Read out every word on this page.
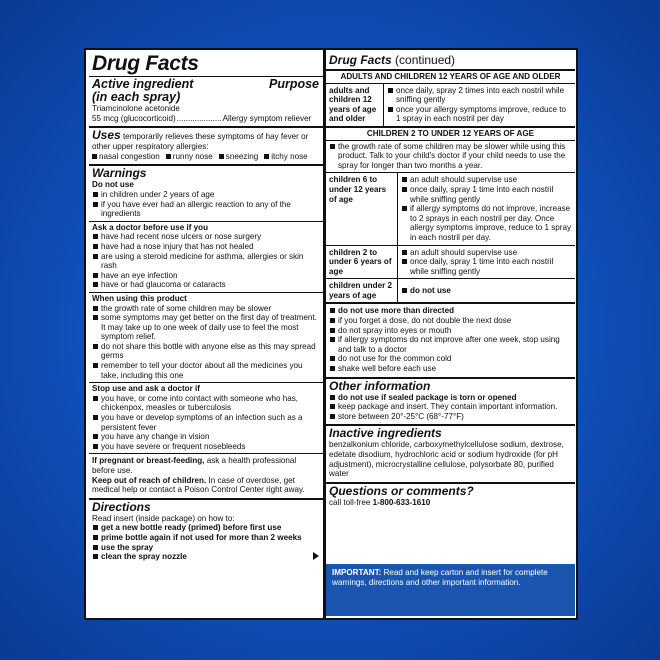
Drug Facts
Active ingredient	Purpose
(in each spray)
Triamcinolone acetonide
55 mcg (glucocorticoid) .................... Allergy symptom reliever
Uses temporarily relieves these symptoms of hay fever or other upper respiratory allergies:
nasal congestion runny nose sneezing itchy nose
Warnings
Do not use
in children under 2 years of age
if you have ever had an allergic reaction to any of the ingredients
Ask a doctor before use if you
have had recent nose ulcers or nose surgery
have had a nose injury that has not healed
are using a steroid medicine for asthma, allergies or skin rash
have an eye infection
have or had glaucoma or cataracts
When using this product
the growth rate of some children may be slower
some symptoms may get better on the first day of treatment. It may take up to one week of daily use to feel the most symptom relief.
do not share this bottle with anyone else as this may spread germs
remember to tell your doctor about all the medicines you take, including this one
Stop use and ask a doctor if
you have, or come into contact with someone who has, chickenpox, measles or tuberculosis
you have or develop symptoms of an infection such as a persistent fever
you have any change in vision
you have severe or frequent nosebleeds
If pregnant or breast-feeding, ask a health professional before use.
Keep out of reach of children. In case of overdose, get medical help or contact a Poison Control Center right away.
Directions
Read insert (inside package) on how to:
get a new bottle ready (primed) before first use
prime bottle again if not used for more than 2 weeks
use the spray
clean the spray nozzle
Drug Facts (continued)
ADULTS AND CHILDREN 12 YEARS OF AGE AND OLDER
adults and children 12 years of age and older
once daily, spray 2 times into each nostril while sniffing gently
once your allergy symptoms improve, reduce to 1 spray in each nostril per day
CHILDREN 2 TO UNDER 12 YEARS OF AGE
the growth rate of some children may be slower while using this product. Talk to your child's doctor if your child needs to use the spray for longer than two months a year.
children 6 to under 12 years of age
an adult should supervise use
once daily, spray 1 time into each nostril while sniffing gently
if allergy symptoms do not improve, increase to 2 sprays in each nostril per day. Once allergy symptoms improve, reduce to 1 spray in each nostril per day.
children 2 to under 6 years of age
an adult should supervise use
once daily, spray 1 time into each nostril while sniffing gently
children under 2 years of age
do not use
do not use more than directed
if you forget a dose, do not double the next dose
do not spray into eyes or mouth
if allergy symptoms do not improve after one week, stop using and talk to a doctor
do not use for the common cold
shake well before each use
Other information
do not use if sealed package is torn or opened
keep package and insert. They contain important information.
store between 20°-25°C (68°-77°F)
Inactive ingredients
benzalkonium chloride, carboxymethylcellulose sodium, dextrose, edetate disodium, hydrochloric acid or sodium hydroxide (for pH adjustment), microcrystalline cellulose, polysorbate 80, purified water
Questions or comments?
call toll-free 1-800-633-1610
IMPORTANT: Read and keep carton and insert for complete warnings, directions and other important information.
